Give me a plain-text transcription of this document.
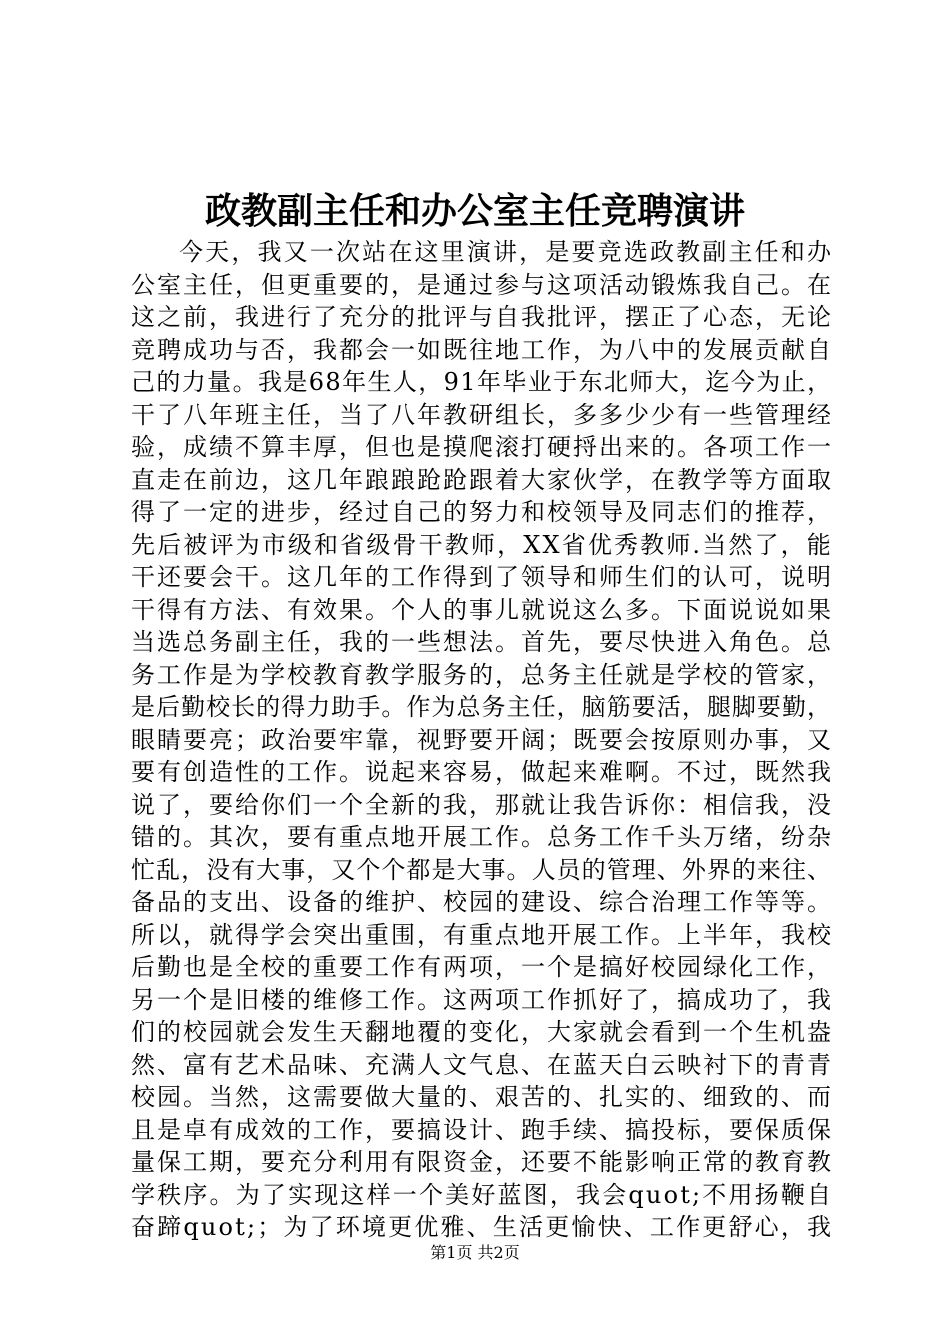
政教副主任和办公室主任竞聘演讲
今天，我又一次站在这里演讲，是要竞选政教副主任和办
公室主任，但更重要的，是通过参与这项活动锻炼我自己。在
这之前，我进行了充分的批评与自我批评，摆正了心态，无论
竞聘成功与否，我都会一如既往地工作，为八中的发展贡献自
己的力量。我是68年生人，91年毕业于东北师大，迄今为止，
干了八年班主任，当了八年教研组长，多多少少有一些管理经
验，成绩不算丰厚，但也是摸爬滚打硬捋出来的。各项工作一
直走在前边，这几年踉踉跄跄跟着大家伙学，在教学等方面取
得了一定的进步，经过自己的努力和校领导及同志们的推荐，
先后被评为市级和省级骨干教师，XX省优秀教师.当然了，能
干还要会干。这几年的工作得到了领导和师生们的认可，说明
干得有方法、有效果。个人的事儿就说这么多。下面说说如果
当选总务副主任，我的一些想法。首先，要尽快进入角色。总
务工作是为学校教育教学服务的，总务主任就是学校的管家，
是后勤校长的得力助手。作为总务主任，脑筋要活，腿脚要勤，
眼睛要亮；政治要牢靠，视野要开阔；既要会按原则办事，又
要有创造性的工作。说起来容易，做起来难啊。不过，既然我
说了，要给你们一个全新的我，那就让我告诉你：相信我，没
错的。其次，要有重点地开展工作。总务工作千头万绪，纷杂
忙乱，没有大事，又个个都是大事。人员的管理、外界的来往、
备品的支出、设备的维护、校园的建设、综合治理工作等等。
所以，就得学会突出重围，有重点地开展工作。上半年，我校
后勤也是全校的重要工作有两项，一个是搞好校园绿化工作，
另一个是旧楼的维修工作。这两项工作抓好了，搞成功了，我
们的校园就会发生天翻地覆的变化，大家就会看到一个生机盎
然、富有艺术品味、充满人文气息、在蓝天白云映衬下的青青
校园。当然，这需要做大量的、艰苦的、扎实的、细致的、而
且是卓有成效的工作，要搞设计、跑手续、搞投标，要保质保
量保工期，要充分利用有限资金，还要不能影响正常的教育教
学秩序。为了实现这样一个美好蓝图，我会quot;不用扬鞭自
奋蹄quot;；为了环境更优雅、生活更愉快、工作更舒心，我
第1页 共2页
